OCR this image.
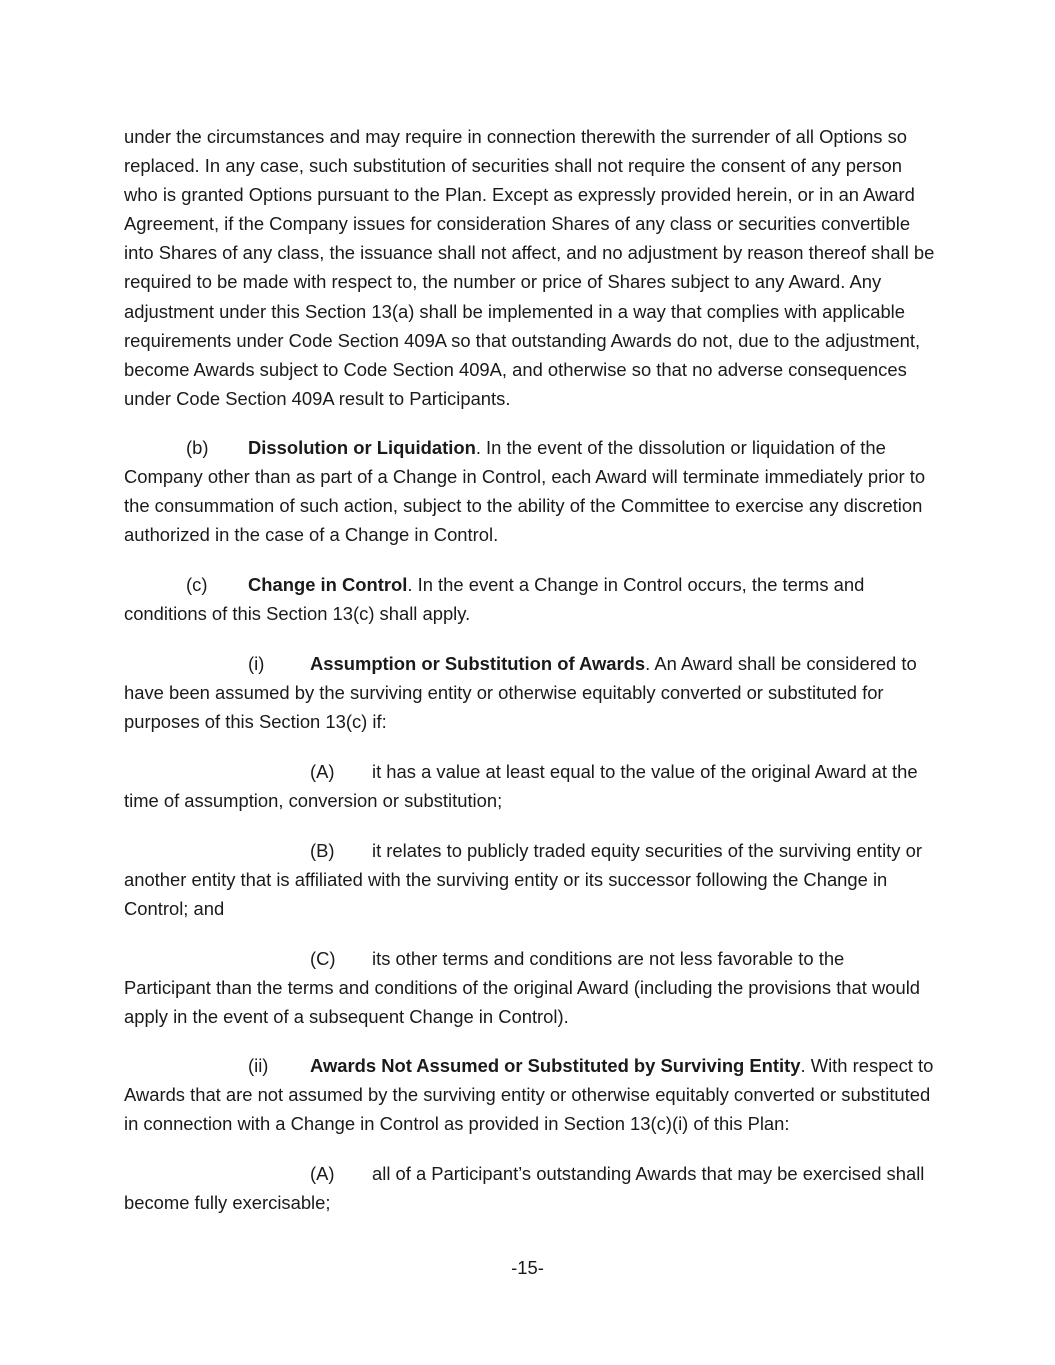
under the circumstances and may require in connection therewith the surrender of all Options so replaced. In any case, such substitution of securities shall not require the consent of any person who is granted Options pursuant to the Plan. Except as expressly provided herein, or in an Award Agreement, if the Company issues for consideration Shares of any class or securities convertible into Shares of any class, the issuance shall not affect, and no adjustment by reason thereof shall be required to be made with respect to, the number or price of Shares subject to any Award. Any adjustment under this Section 13(a) shall be implemented in a way that complies with applicable requirements under Code Section 409A so that outstanding Awards do not, due to the adjustment, become Awards subject to Code Section 409A, and otherwise so that no adverse consequences under Code Section 409A result to Participants.

(b) Dissolution or Liquidation. In the event of the dissolution or liquidation of the Company other than as part of a Change in Control, each Award will terminate immediately prior to the consummation of such action, subject to the ability of the Committee to exercise any discretion authorized in the case of a Change in Control.

(c) Change in Control. In the event a Change in Control occurs, the terms and conditions of this Section 13(c) shall apply.

(i) Assumption or Substitution of Awards. An Award shall be considered to have been assumed by the surviving entity or otherwise equitably converted or substituted for purposes of this Section 13(c) if:

(A) it has a value at least equal to the value of the original Award at the time of assumption, conversion or substitution;

(B) it relates to publicly traded equity securities of the surviving entity or another entity that is affiliated with the surviving entity or its successor following the Change in Control; and

(C) its other terms and conditions are not less favorable to the Participant than the terms and conditions of the original Award (including the provisions that would apply in the event of a subsequent Change in Control).

(ii) Awards Not Assumed or Substituted by Surviving Entity. With respect to Awards that are not assumed by the surviving entity or otherwise equitably converted or substituted in connection with a Change in Control as provided in Section 13(c)(i) of this Plan:

(A) all of a Participant’s outstanding Awards that may be exercised shall become fully exercisable;

-15-
